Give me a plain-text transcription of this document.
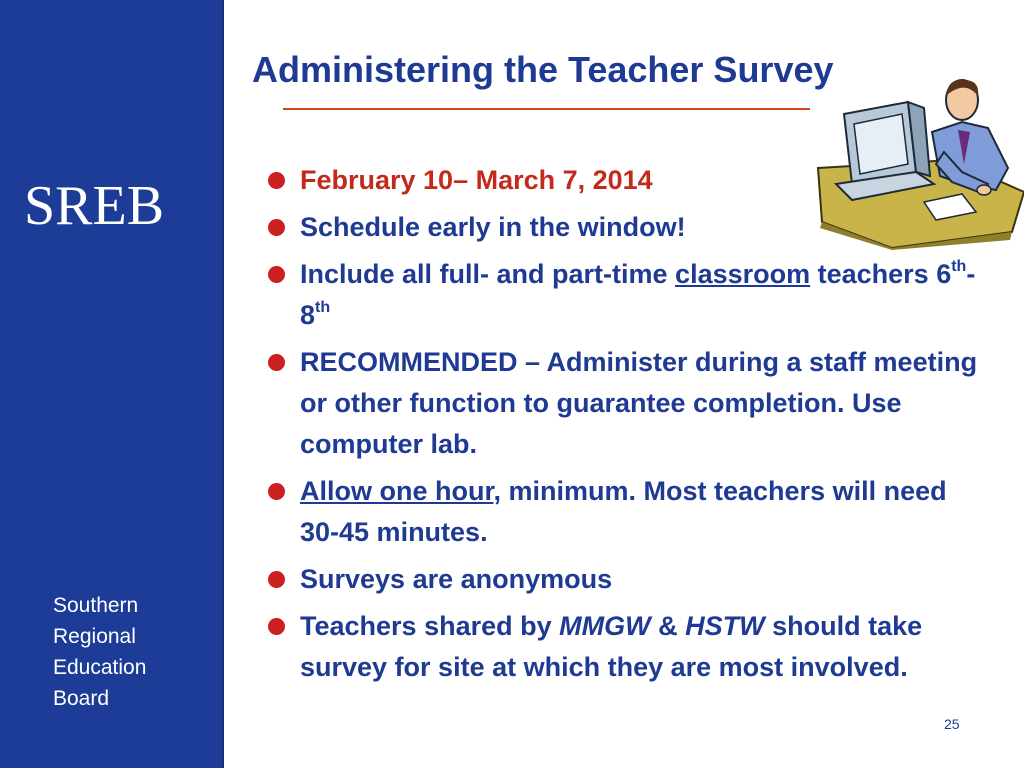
SREB
Southern
Regional
Education
Board
Administering the Teacher Survey
February 10– March 7, 2014
Schedule early in the window!
Include all full- and part-time classroom teachers 6th-8th
RECOMMENDED – Administer during a staff meeting or other function to guarantee completion. Use computer lab.
Allow one hour, minimum. Most teachers will need 30-45 minutes.
Surveys are anonymous
Teachers shared by MMGW & HSTW should take survey for site at which they are most involved.
25
